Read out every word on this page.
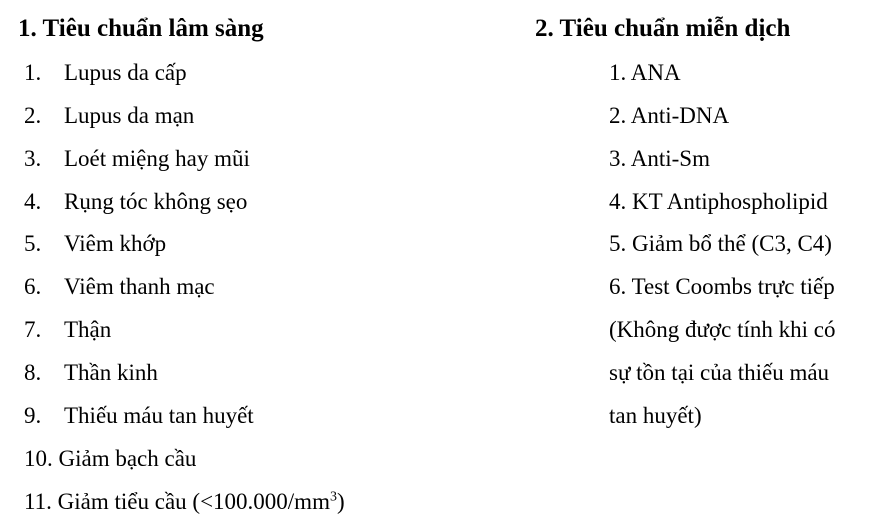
1. Tiêu chuẩn lâm sàng
1. Lupus da cấp
2. Lupus da mạn
3. Loét miệng hay mũi
4. Rụng tóc không sẹo
5. Viêm khớp
6. Viêm thanh mạc
7. Thận
8. Thần kinh
9. Thiếu máu tan huyết
10. Giảm bạch cầu
11. Giảm tiểu cầu $(<100.000/mm^3)$
2. Tiêu chuẩn miễn dịch
1. ANA
2. Anti-DNA
3. Anti-Sm
4. KT Antiphospholipid
5. Giảm bổ thể (C3, C4)
6. Test Coombs trực tiếp
(Không được tính khi có
sự tồn tại của thiếu máu
tan huyết)
